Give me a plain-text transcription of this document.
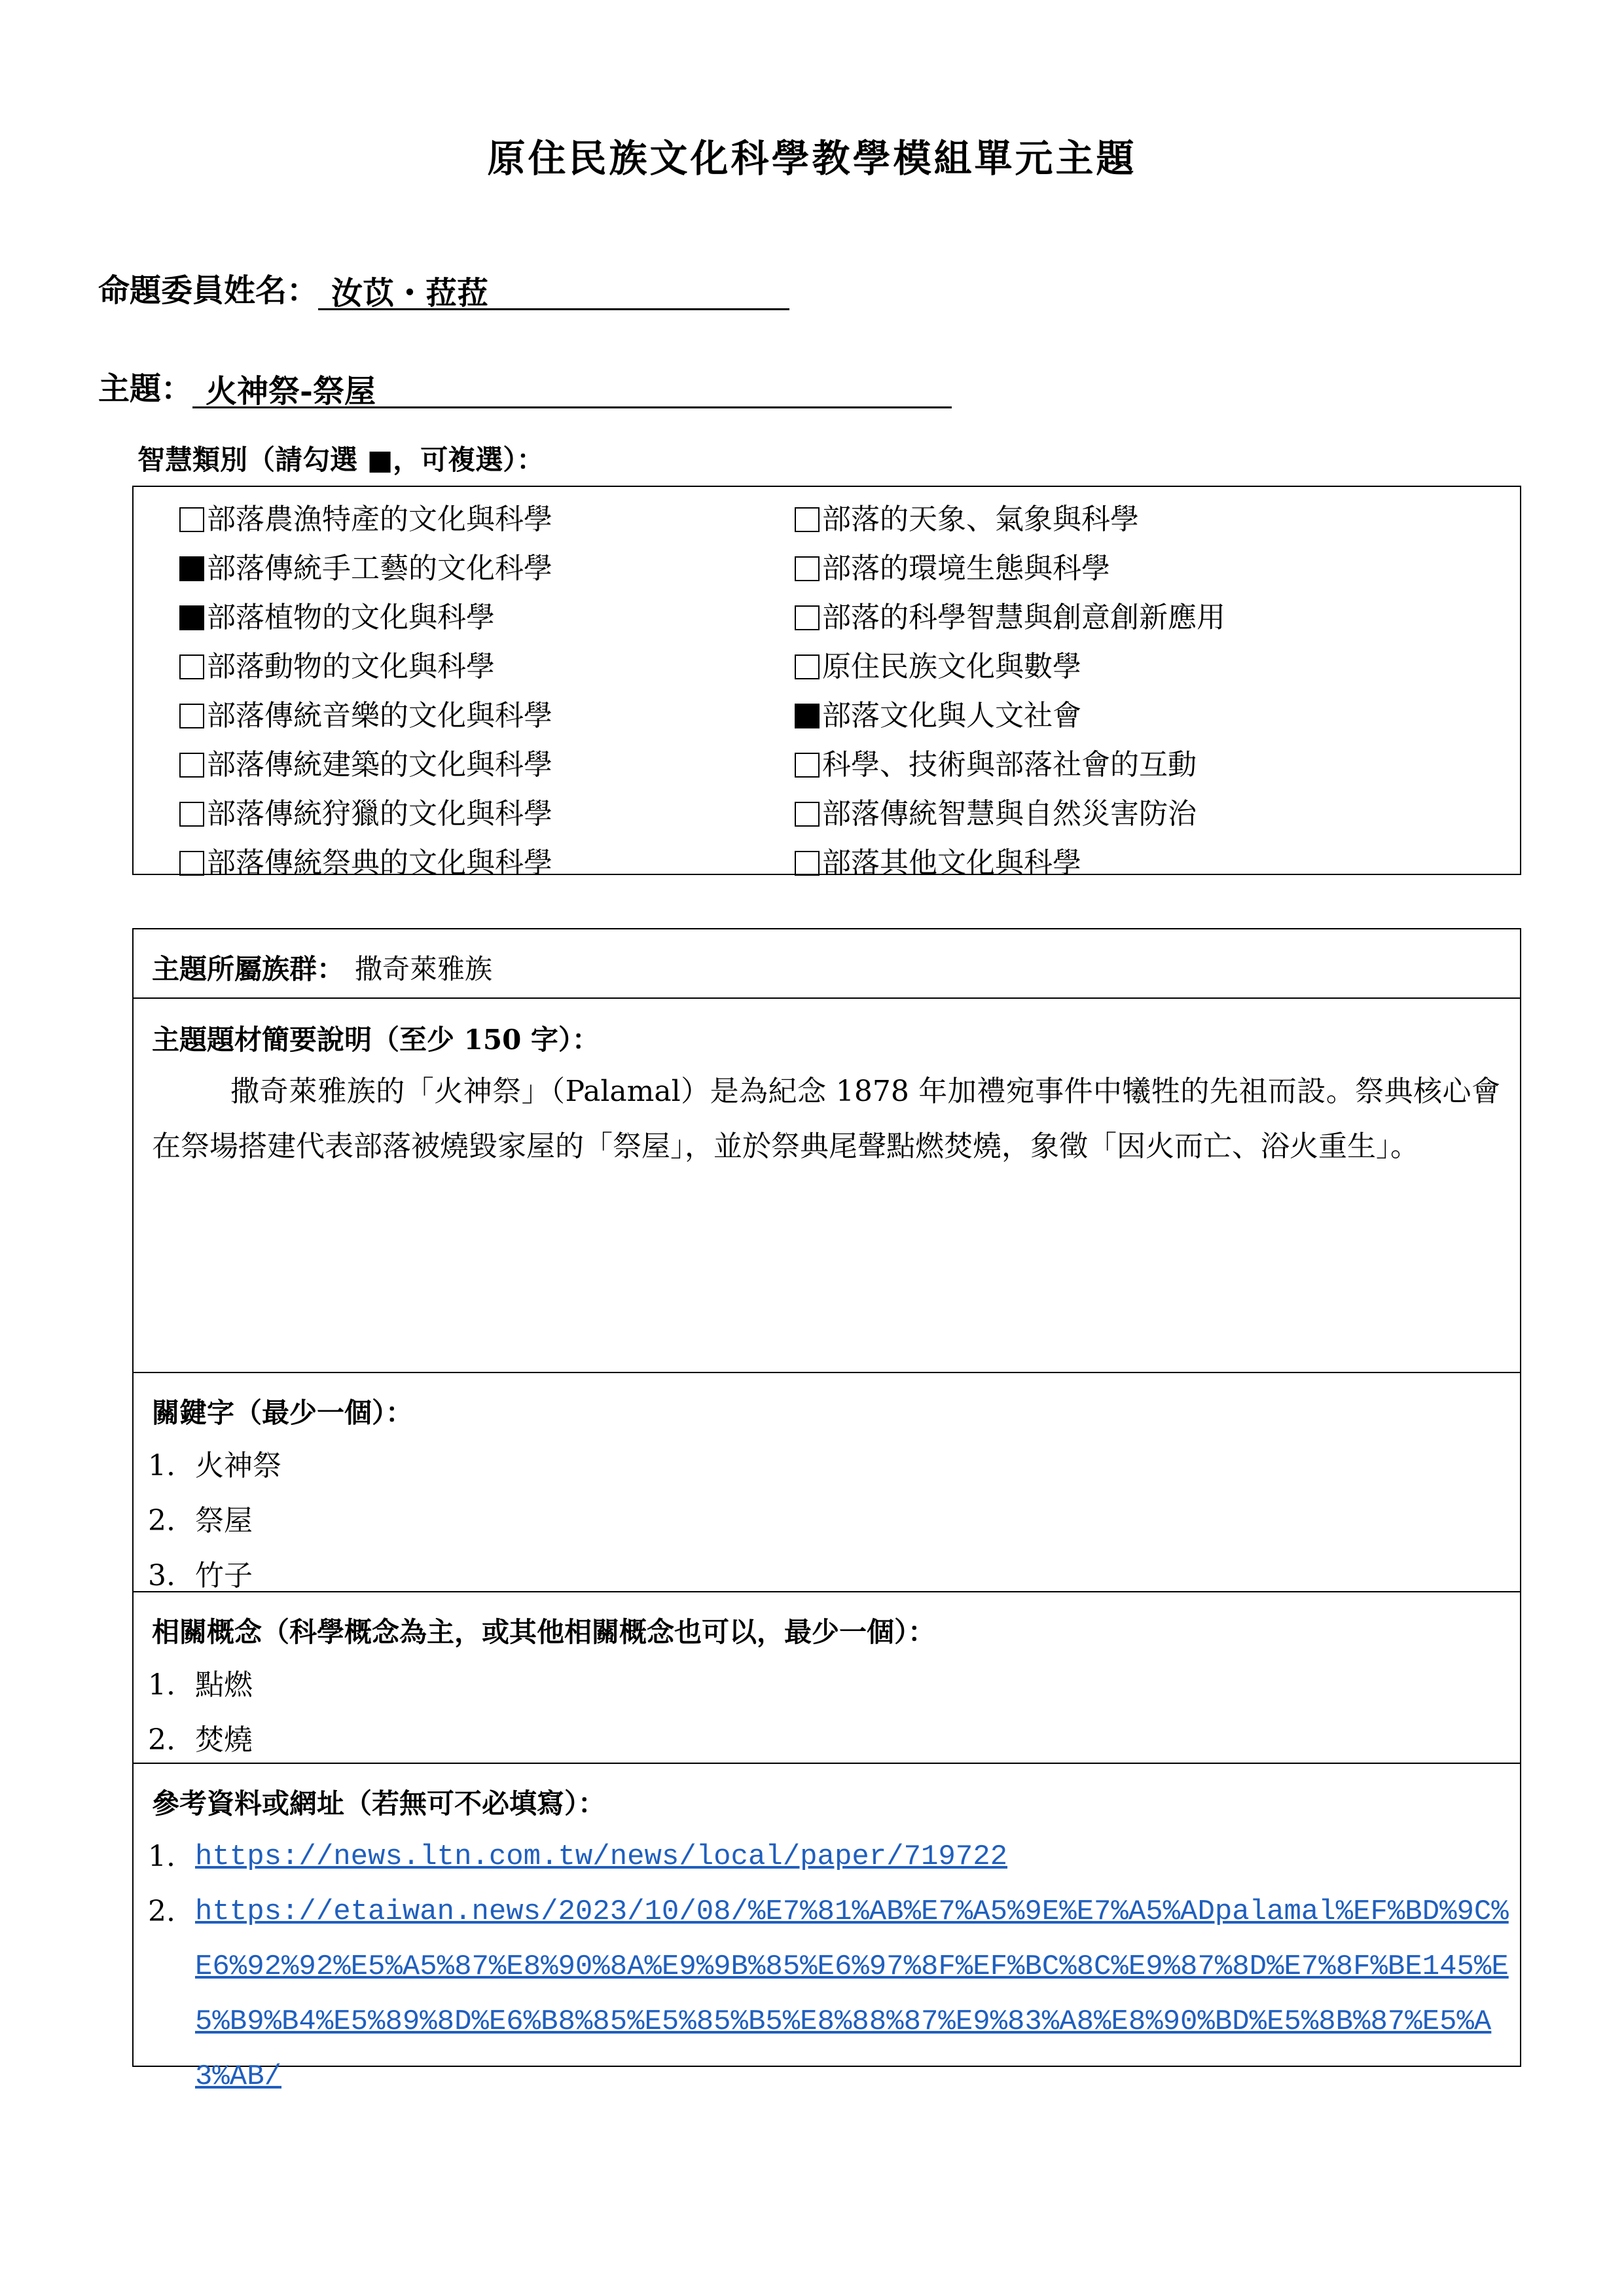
原住民族文化科學教學模組單元主題
命題委員姓名： 汝苡・菈菈
主題： 火神祭-祭屋
智慧類別（請勾選 ■，可複選）：
部落農漁特產的文化與科學
部落傳統手工藝的文化科學
部落植物的文化與科學
部落動物的文化與科學
部落傳統音樂的文化與科學
部落傳統建築的文化與科學
部落傳統狩獵的文化與科學
部落傳統祭典的文化與科學
部落的天象、氣象與科學
部落的環境生態與科學
部落的科學智慧與創意創新應用
原住民族文化與數學
部落文化與人文社會
科學、技術與部落社會的互動
部落傳統智慧與自然災害防治
部落其他文化與科學
主題所屬族群： 撒奇萊雅族
主題題材簡要說明（至少 150 字）：
撒奇萊雅族的「火神祭」（Palamal）是為紀念 1878 年加禮宛事件中犧牲的先祖而設。祭典核心會在祭場搭建代表部落被燒毀家屋的「祭屋」，並於祭典尾聲點燃焚燒，象徵「因火而亡、浴火重生」。
關鍵字（最少一個）：
1. 火神祭
2. 祭屋
3. 竹子
相關概念（科學概念為主，或其他相關概念也可以，最少一個）：
1. 點燃
2. 焚燒
參考資料或網址（若無可不必填寫）：
1. https://news.ltn.com.tw/news/local/paper/719722
2. https://etaiwan.news/2023/10/08/%E7%81%AB%E7%A5%9E%E7%A5%ADpalamal%EF%BD%9C%E6%92%92%E5%A5%87%E8%90%8A%E9%9B%85%E6%97%8F%EF%BC%8C%E9%87%8D%E7%8F%BE145%E5%B9%B4%E5%89%8D%E6%B8%85%E5%85%B5%E8%88%87%E9%83%A8%E8%90%BD%E5%8B%87%E5%A3%AB/
